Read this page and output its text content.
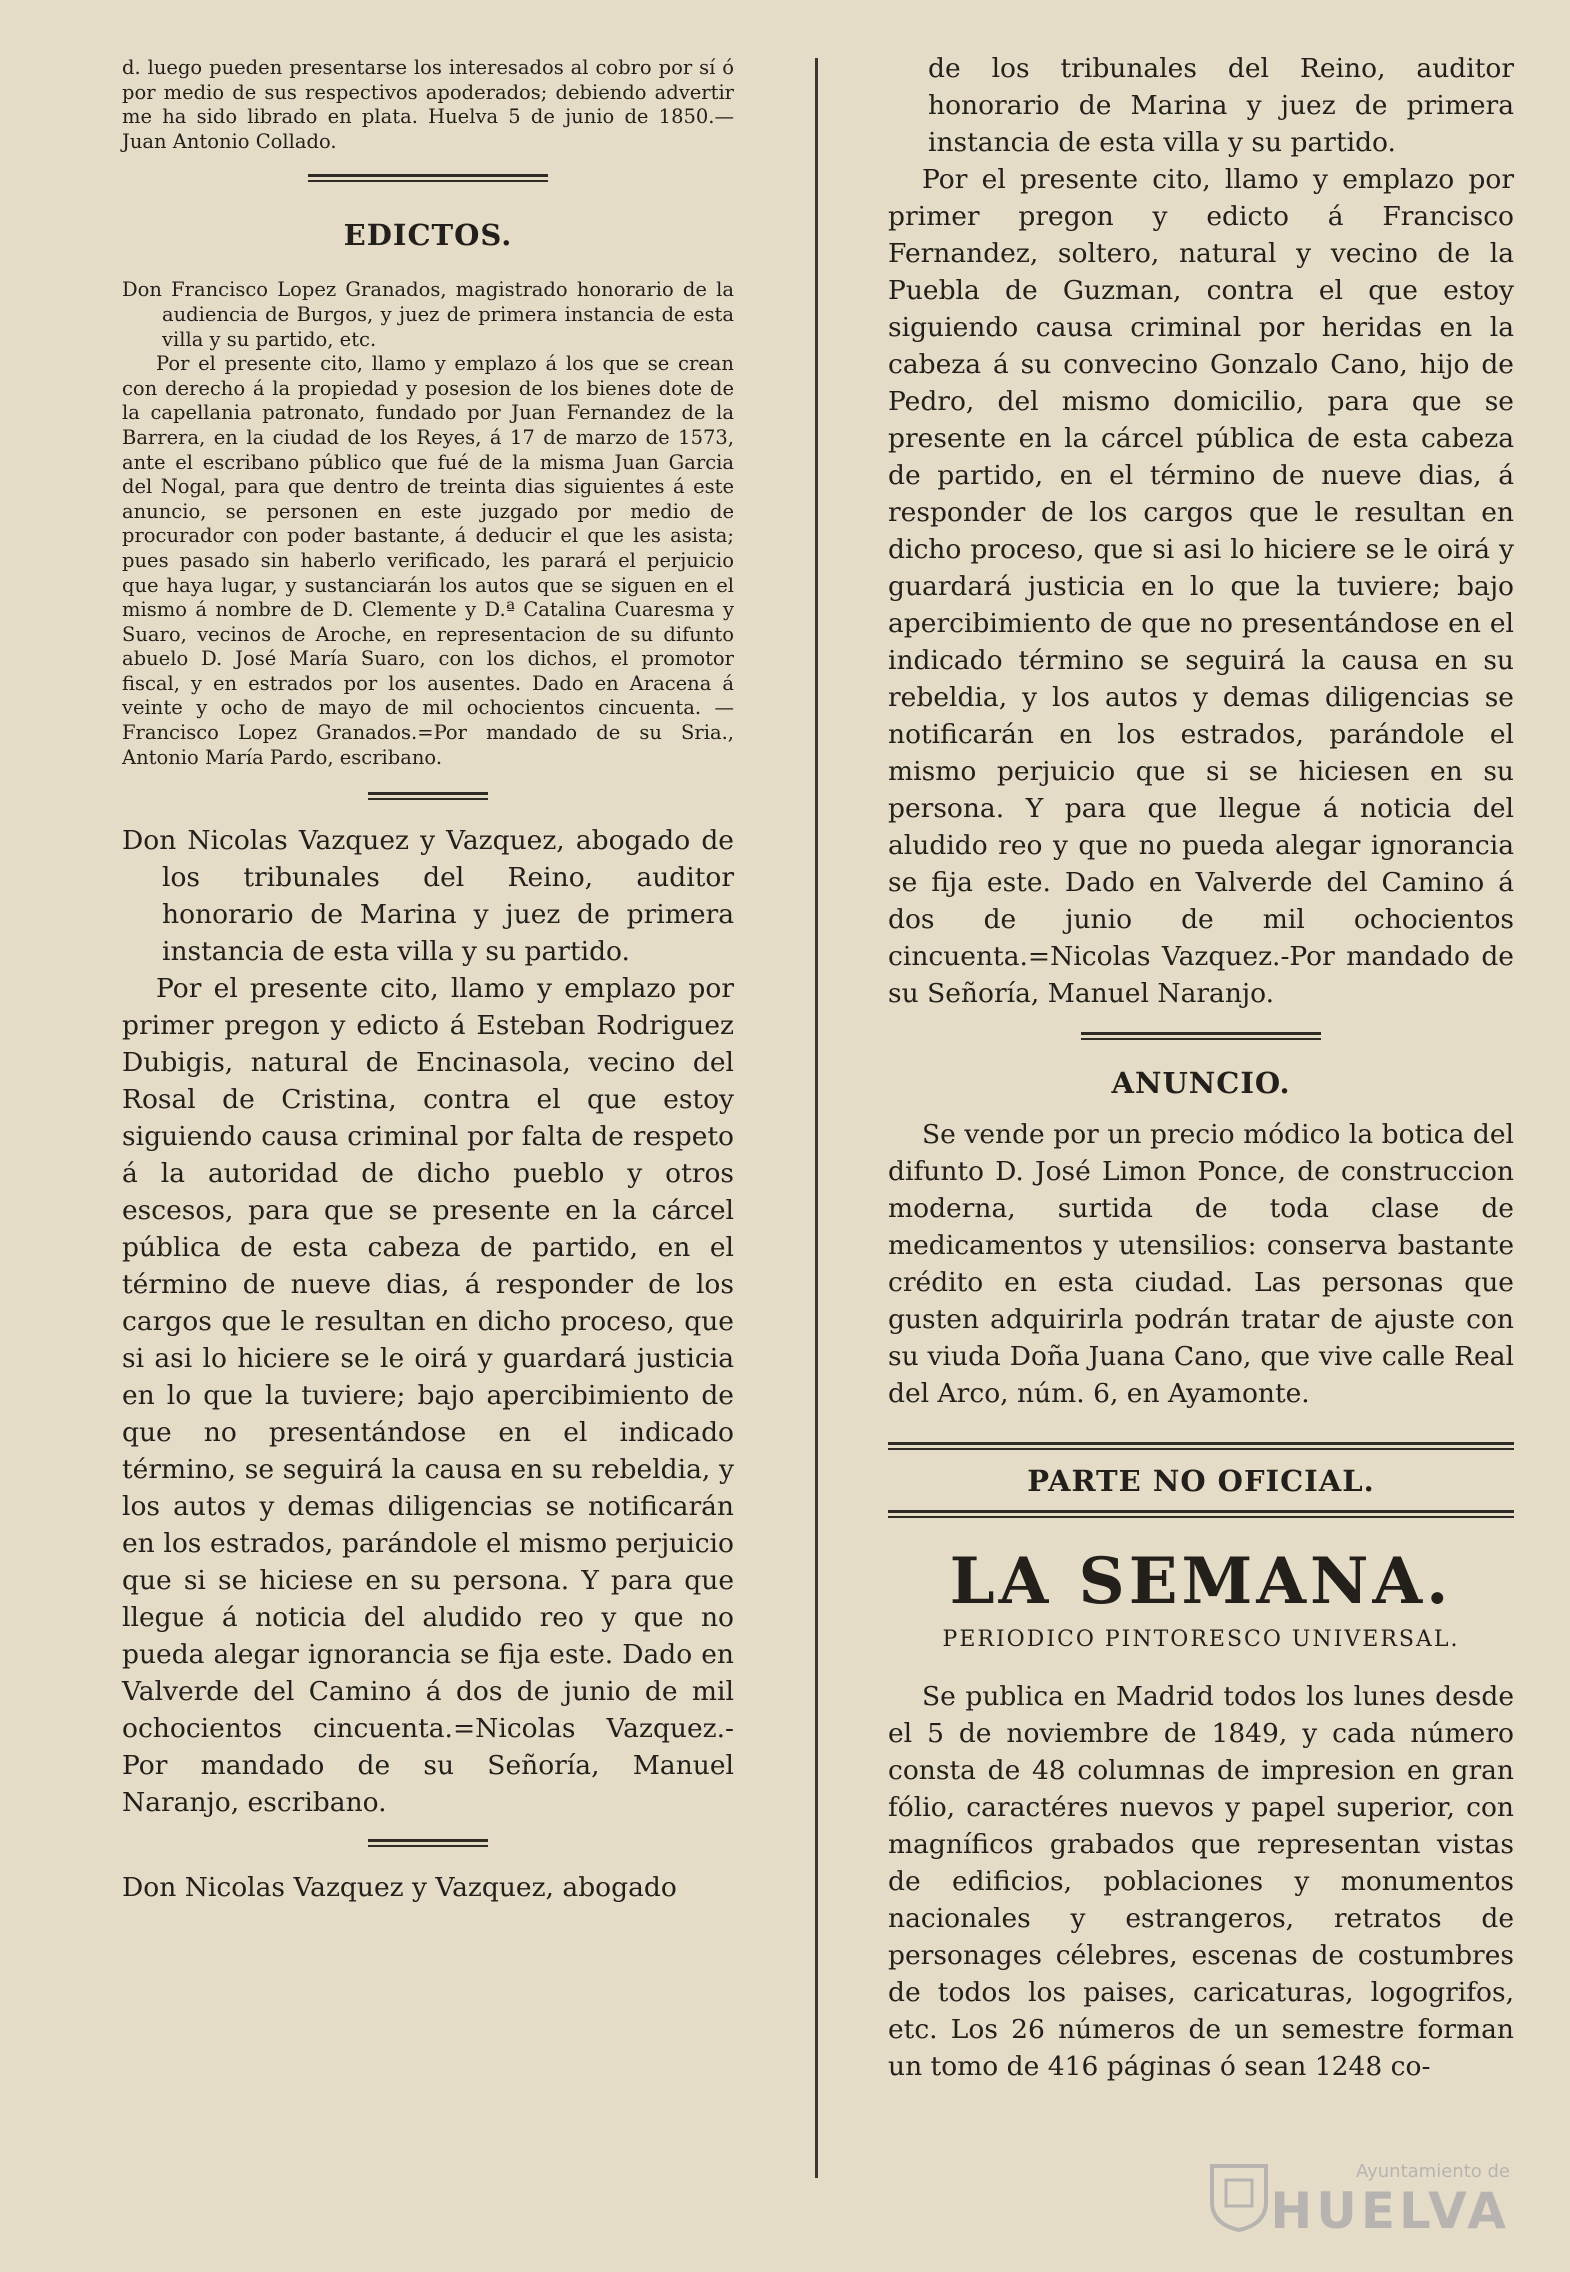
d. luego pueden presentarse los interesados al cobro por sí ó por medio de sus respectivos apoderados; debiendo advertir me ha sido librado en plata. Huelva 5 de junio de 1850.—Juan Antonio Collado.

EDICTOS.

Don Francisco Lopez Granados, magistrado honorario de la audiencia de Burgos, y juez de primera instancia de esta villa y su partido, etc.

Por el presente cito, llamo y emplazo á los que se crean con derecho á la propiedad y posesion de los bienes dote de la capellania patronato, fundado por Juan Fernandez de la Barrera, en la ciudad de los Reyes, á 17 de marzo de 1573, ante el escribano público que fué de la misma Juan Garcia del Nogal, para que dentro de treinta dias siguientes á este anuncio, se personen en este juzgado por medio de procurador con poder bastante, á deducir el que les asista; pues pasado sin haberlo verificado, les parará el perjuicio que haya lugar, y sustanciarán los autos que se siguen en el mismo á nombre de D. Clemente y D.ª Catalina Cuaresma y Suaro, vecinos de Aroche, en representacion de su difunto abuelo D. José María Suaro, con los dichos, el promotor fiscal, y en estrados por los ausentes. Dado en Aracena á veinte y ocho de mayo de mil ochocientos cincuenta. —Francisco Lopez Granados.=Por mandado de su Sria., Antonio María Pardo, escribano.

Don Nicolas Vazquez y Vazquez, abogado de los tribunales del Reino, auditor honorario de Marina y juez de primera instancia de esta villa y su partido.

Por el presente cito, llamo y emplazo por primer pregon y edicto á Esteban Rodriguez Dubigis, natural de Encinasola, vecino del Rosal de Cristina, contra el que estoy siguiendo causa criminal por falta de respeto á la autoridad de dicho pueblo y otros escesos, para que se presente en la cárcel pública de esta cabeza de partido, en el término de nueve dias, á responder de los cargos que le resultan en dicho proceso, que si asi lo hiciere se le oirá y guardará justicia en lo que la tuviere; bajo apercibimiento de que no presentándose en el indicado término, se seguirá la causa en su rebeldia, y los autos y demas diligencias se notificarán en los estrados, parándole el mismo perjuicio que si se hiciese en su persona. Y para que llegue á noticia del aludido reo y que no pueda alegar ignorancia se fija este. Dado en Valverde del Camino á dos de junio de mil ochocientos cincuenta.=Nicolas Vazquez.-Por mandado de su Señoría, Manuel Naranjo, escribano.

Don Nicolas Vazquez y Vazquez, abogado

de los tribunales del Reino, auditor honorario de Marina y juez de primera instancia de esta villa y su partido.

Por el presente cito, llamo y emplazo por primer pregon y edicto á Francisco Fernandez, soltero, natural y vecino de la Puebla de Guzman, contra el que estoy siguiendo causa criminal por heridas en la cabeza á su convecino Gonzalo Cano, hijo de Pedro, del mismo domicilio, para que se presente en la cárcel pública de esta cabeza de partido, en el término de nueve dias, á responder de los cargos que le resultan en dicho proceso, que si asi lo hiciere se le oirá y guardará justicia en lo que la tuviere; bajo apercibimiento de que no presentándose en el indicado término se seguirá la causa en su rebeldia, y los autos y demas diligencias se notificarán en los estrados, parándole el mismo perjuicio que si se hiciesen en su persona. Y para que llegue á noticia del aludido reo y que no pueda alegar ignorancia se fija este. Dado en Valverde del Camino á dos de junio de mil ochocientos cincuenta.=Nicolas Vazquez.-Por mandado de su Señoría, Manuel Naranjo.

ANUNCIO.

Se vende por un precio módico la botica del difunto D. José Limon Ponce, de construccion moderna, surtida de toda clase de medicamentos y utensilios: conserva bastante crédito en esta ciudad. Las personas que gusten adquirirla podrán tratar de ajuste con su viuda Doña Juana Cano, que vive calle Real del Arco, núm. 6, en Ayamonte.

PARTE NO OFICIAL.
LA SEMANA.

PERIODICO PINTORESCO UNIVERSAL.

Se publica en Madrid todos los lunes desde el 5 de noviembre de 1849, y cada número consta de 48 columnas de impresion en gran fólio, caractéres nuevos y papel superior, con magníficos grabados que representan vistas de edificios, poblaciones y monumentos nacionales y estrangeros, retratos de personages célebres, escenas de costumbres de todos los paises, caricaturas, logogrifos, etc. Los 26 números de un semestre forman un tomo de 416 páginas ó sean 1248 co-

Ayuntamiento de
HUELVA
